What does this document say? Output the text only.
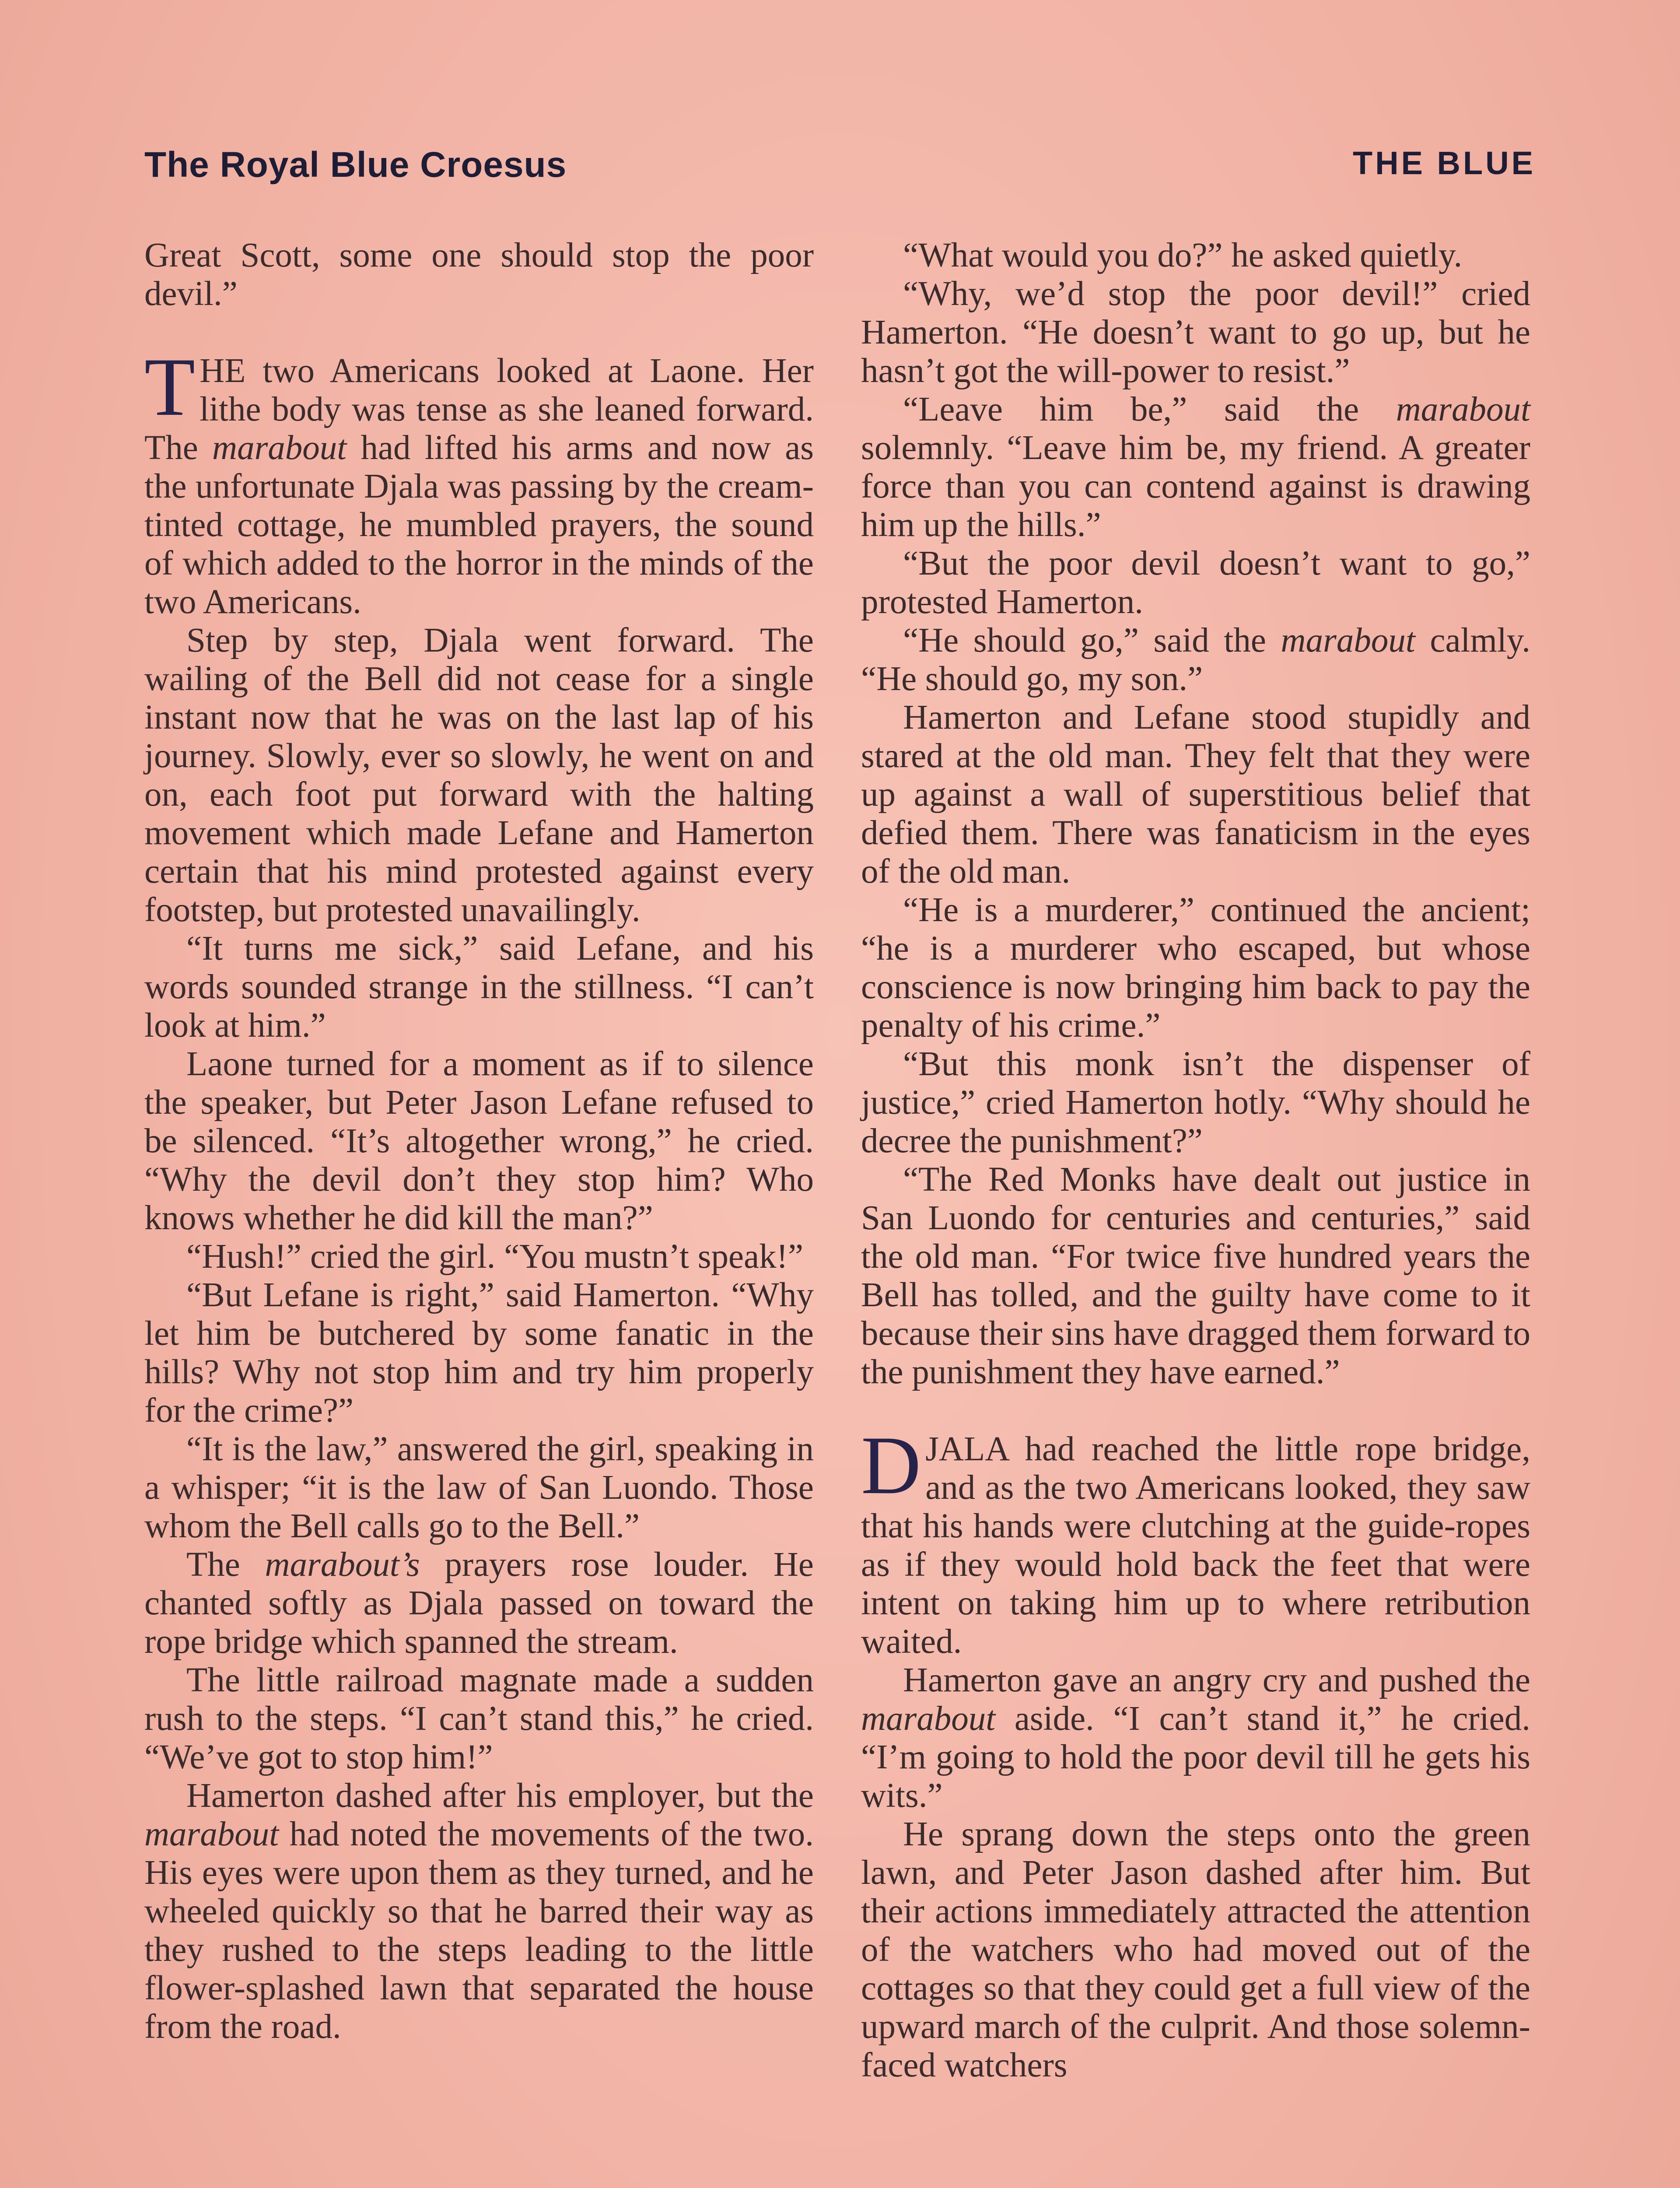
The Royal Blue Croesus	THE BLUE

Great Scott, some one should stop the poor devil.”

THE two Americans looked at Laone. Her lithe body was tense as she leaned forward. The marabout had lifted his arms and now as the unfortunate Djala was passing by the cream-tinted cottage, he mumbled prayers, the sound of which added to the horror in the minds of the two Americans.

Step by step, Djala went forward. The wailing of the Bell did not cease for a single instant now that he was on the last lap of his journey. Slowly, ever so slowly, he went on and on, each foot put forward with the halting movement which made Lefane and Hamerton certain that his mind protested against every footstep, but protested unavailingly.

“It turns me sick,” said Lefane, and his words sounded strange in the stillness. “I can’t look at him.”

Laone turned for a moment as if to silence the speaker, but Peter Jason Lefane refused to be silenced. “It’s altogether wrong,” he cried. “Why the devil don’t they stop him? Who knows whether he did kill the man?”

“Hush!” cried the girl. “You mustn’t speak!”

“But Lefane is right,” said Hamerton. “Why let him be butchered by some fanatic in the hills? Why not stop him and try him properly for the crime?”

“It is the law,” answered the girl, speaking in a whisper; “it is the law of San Luondo. Those whom the Bell calls go to the Bell.”

The marabout’s prayers rose louder. He chanted softly as Djala passed on toward the rope bridge which spanned the stream.

The little railroad magnate made a sudden rush to the steps. “I can’t stand this,” he cried. “We’ve got to stop him!”

Hamerton dashed after his employer, but the marabout had noted the movements of the two. His eyes were upon them as they turned, and he wheeled quickly so that he barred their way as they rushed to the steps leading to the little flower-splashed lawn that separated the house from the road.

“What would you do?” he asked quietly.

“Why, we’d stop the poor devil!” cried Hamerton. “He doesn’t want to go up, but he hasn’t got the will-power to resist.”

“Leave him be,” said the marabout solemnly. “Leave him be, my friend. A greater force than you can contend against is drawing him up the hills.”

“But the poor devil doesn’t want to go,” protested Hamerton.

“He should go,” said the marabout calmly. “He should go, my son.”

Hamerton and Lefane stood stupidly and stared at the old man. They felt that they were up against a wall of superstitious belief that defied them. There was fanaticism in the eyes of the old man.

“He is a murderer,” continued the ancient; “he is a murderer who escaped, but whose conscience is now bringing him back to pay the penalty of his crime.”

“But this monk isn’t the dispenser of justice,” cried Hamerton hotly. “Why should he decree the punishment?”

“The Red Monks have dealt out justice in San Luondo for centuries and centuries,” said the old man. “For twice five hundred years the Bell has tolled, and the guilty have come to it because their sins have dragged them forward to the punishment they have earned.”

DJALA had reached the little rope bridge, and as the two Americans looked, they saw that his hands were clutching at the guide-ropes as if they would hold back the feet that were intent on taking him up to where retribution waited.

Hamerton gave an angry cry and pushed the marabout aside. “I can’t stand it,” he cried. “I’m going to hold the poor devil till he gets his wits.”

He sprang down the steps onto the green lawn, and Peter Jason dashed after him. But their actions immediately attracted the attention of the watchers who had moved out of the cottages so that they could get a full view of the upward march of the culprit. And those solemn-faced watchers
